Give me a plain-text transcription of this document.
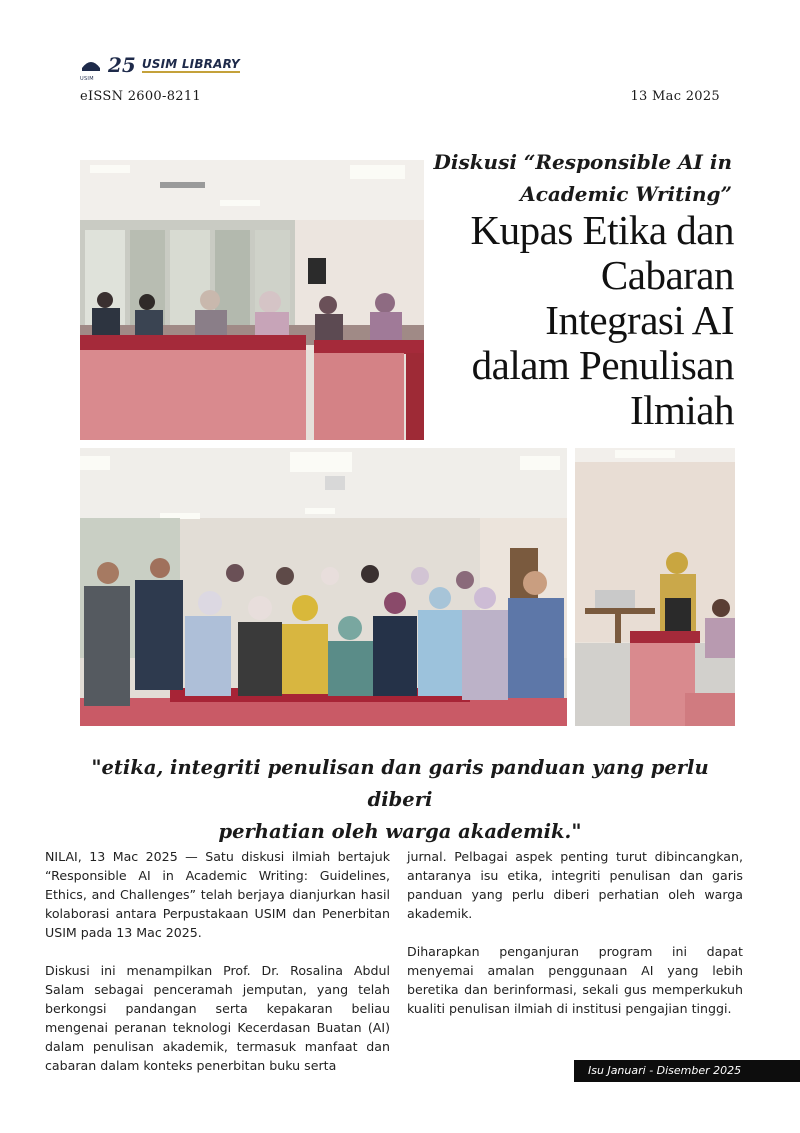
USIM
25 USIM LIBRARY
eISSN 2600-8211	13 Mac 2025
Diskusi “Responsible AI in
Academic Writing”
Kupas Etika dan
Cabaran
Integrasi AI
dalam Penulisan
Ilmiah
"etika, integriti penulisan dan garis panduan yang perlu diberi
perhatian oleh warga akademik."

NILAI, 13 Mac 2025 — Satu diskusi ilmiah bertajuk “Responsible AI in Academic Writing: Guidelines, Ethics, and Challenges” telah berjaya dianjurkan hasil kolaborasi antara Perpustakaan USIM dan Penerbitan USIM pada 13 Mac 2025.

Diskusi ini menampilkan Prof. Dr. Rosalina Abdul Salam sebagai penceramah jemputan, yang telah berkongsi pandangan serta kepakaran beliau mengenai peranan teknologi Kecerdasan Buatan (AI) dalam penulisan akademik, termasuk manfaat dan cabaran dalam konteks penerbitan buku serta

jurnal. Pelbagai aspek penting turut dibincangkan, antaranya isu etika, integriti penulisan dan garis panduan yang perlu diberi perhatian oleh warga akademik.

Diharapkan penganjuran program ini dapat menyemai amalan penggunaan AI yang lebih beretika dan berinformasi, sekali gus memperkukuh kualiti penulisan ilmiah di institusi pengajian tinggi.

Isu Januari - Disember 2025
